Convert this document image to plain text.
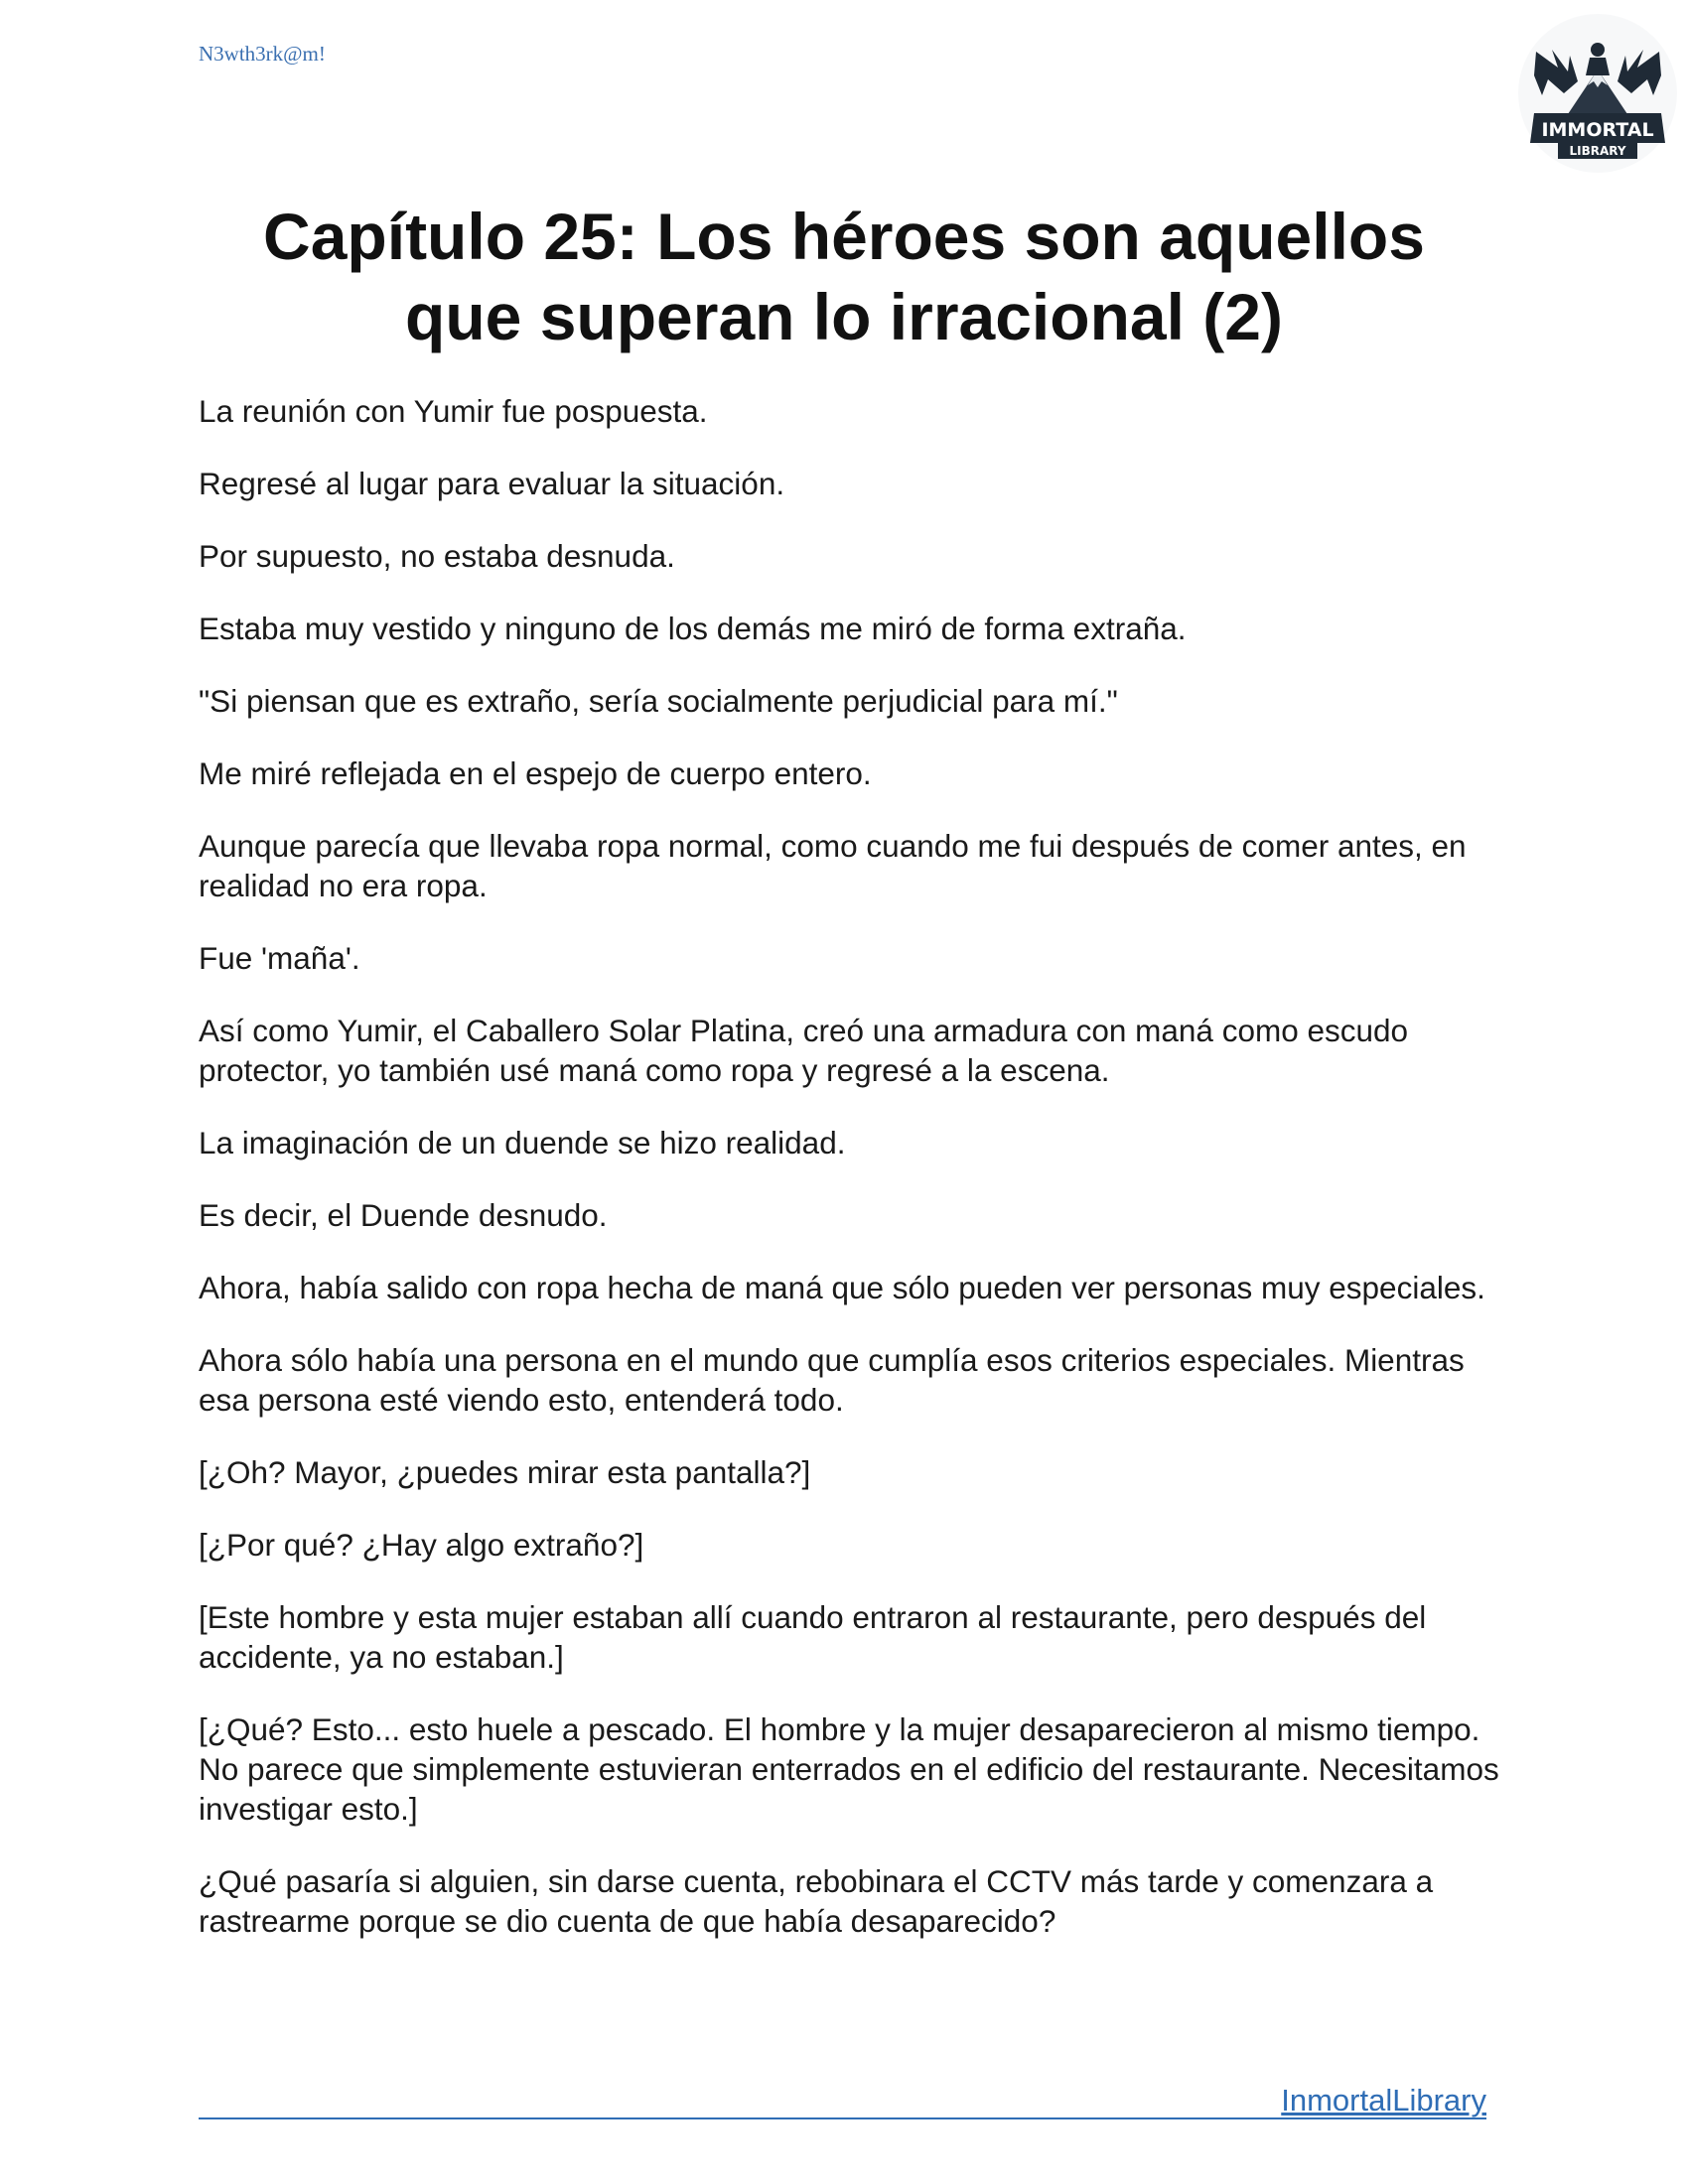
N3wth3rk@m!
IMMORTAL
LIBRARY
Capítulo 25: Los héroes son aquellos
que superan lo irracional (2)

La reunión con Yumir fue pospuesta.

Regresé al lugar para evaluar la situación.

Por supuesto, no estaba desnuda.

Estaba muy vestido y ninguno de los demás me miró de forma extraña.

"Si piensan que es extraño, sería socialmente perjudicial para mí."

Me miré reflejada en el espejo de cuerpo entero.

Aunque parecía que llevaba ropa normal, como cuando me fui después de comer antes, en realidad no era ropa.

Fue 'maña'.

Así como Yumir, el Caballero Solar Platina, creó una armadura con maná como escudo protector, yo también usé maná como ropa y regresé a la escena.

La imaginación de un duende se hizo realidad.

Es decir, el Duende desnudo.

Ahora, había salido con ropa hecha de maná que sólo pueden ver personas muy especiales.

Ahora sólo había una persona en el mundo que cumplía esos criterios especiales. Mientras esa persona esté viendo esto, entenderá todo.

[¿Oh? Mayor, ¿puedes mirar esta pantalla?]

[¿Por qué? ¿Hay algo extraño?]

[Este hombre y esta mujer estaban allí cuando entraron al restaurante, pero después del accidente, ya no estaban.]

[¿Qué? Esto... esto huele a pescado. El hombre y la mujer desaparecieron al mismo tiempo. No parece que simplemente estuvieran enterrados en el edificio del restaurante. Necesitamos investigar esto.]

¿Qué pasaría si alguien, sin darse cuenta, rebobinara el CCTV más tarde y comenzara a rastrearme porque se dio cuenta de que había desaparecido?

InmortalLibrary
